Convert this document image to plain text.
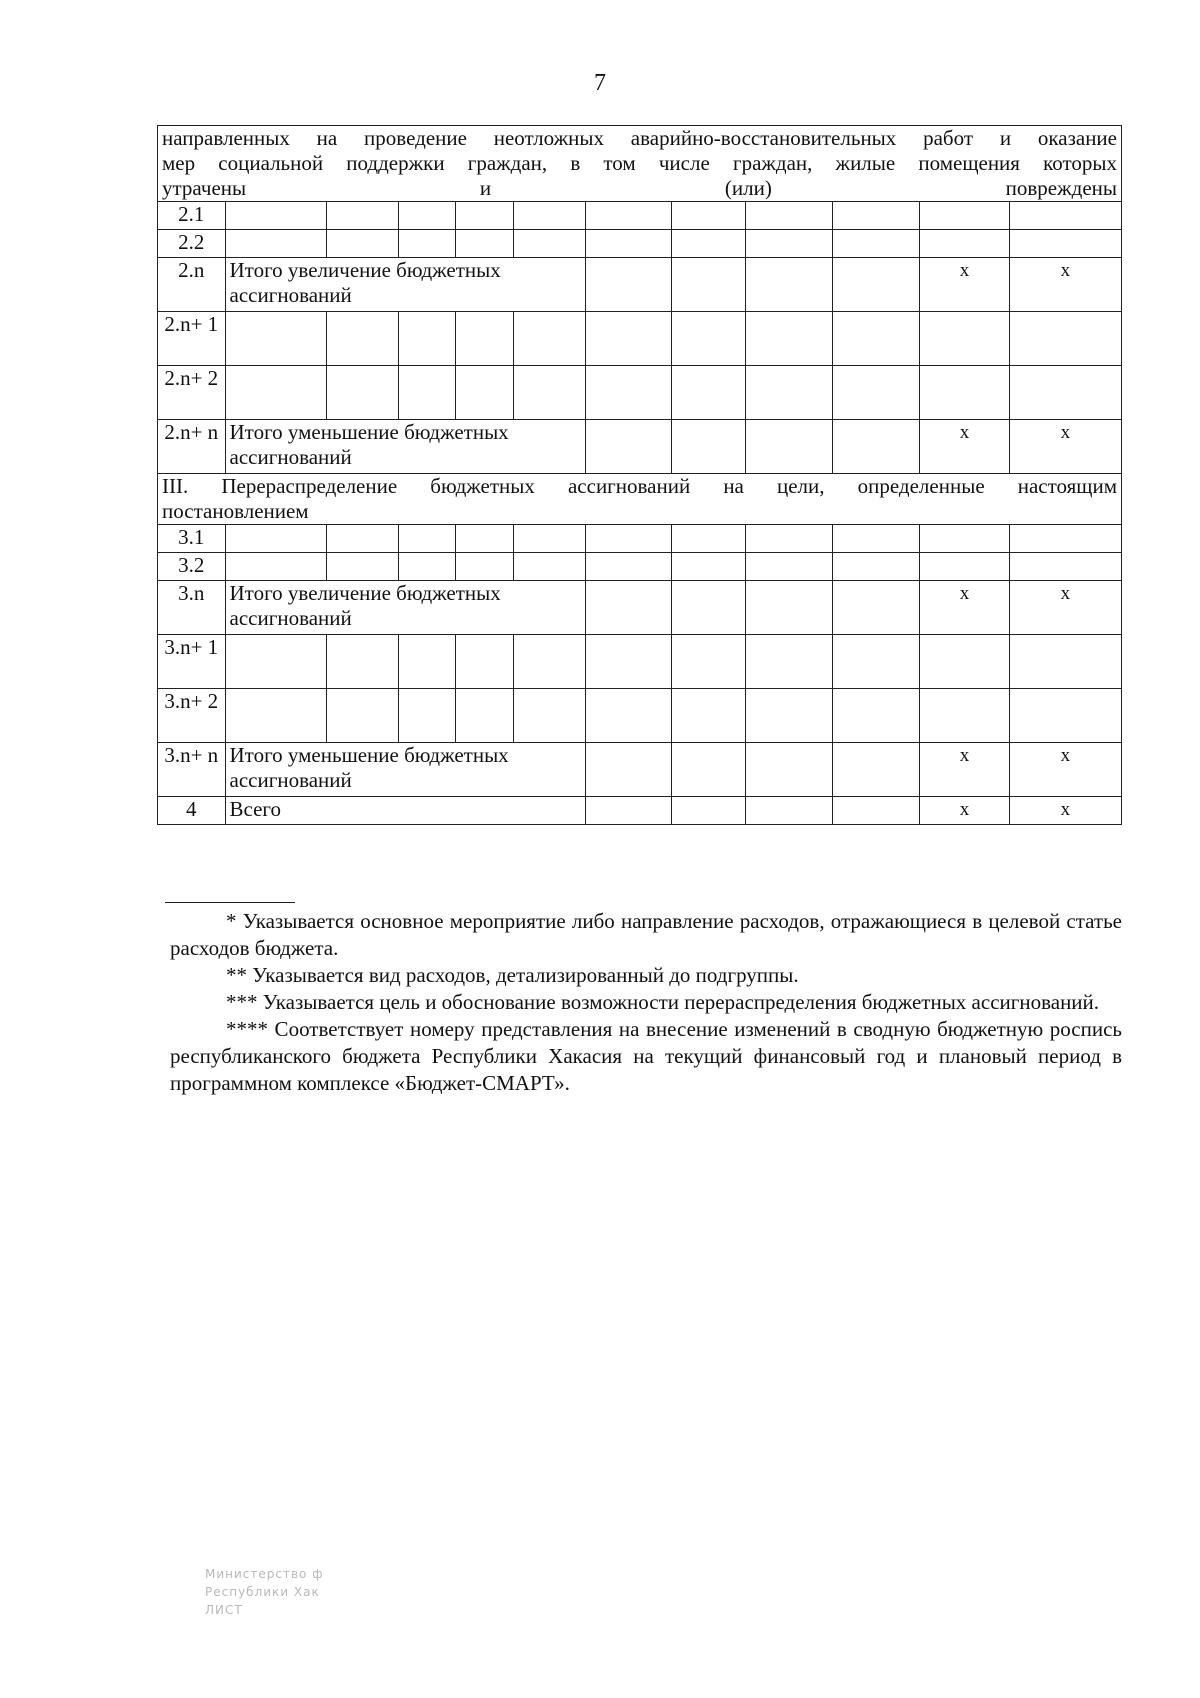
7
направленных на проведение неотложных аварийно-восстановительных работ и оказание
мер социальной поддержки граждан, в том числе граждан, жилые помещения которых
утрачены и (или) повреждены											

2.1											
2.2											
2.n	Итого увеличение бюджетных ассигнований									x	x
2.n+ 1											
2.n+ 2											
2.n+ n	Итого уменьшение бюджетных ассигнований									x	x

III. Перераспределение бюджетных ассигнований на цели, определенные настоящим
постановлением											

3.1											
3.2											
3.n	Итого увеличение бюджетных ассигнований									x	x
3.n+ 1											
3.n+ 2											
3.n+ n	Итого уменьшение бюджетных ассигнований									x	x
4	Всего									x	x

* Указывается основное мероприятие либо направление расходов, отражающиеся в целевой статье расходов бюджета.

** Указывается вид расходов, детализированный до подгруппы.

*** Указывается цель и обоснование возможности перераспределения бюджетных ассигнований.

**** Соответствует номеру представления на внесение изменений в сводную бюджетную роспись республиканского бюджета Республики Хакасия на текущий финансовый год и плановый период в программном комплексе «Бюджет-СМАРТ».

Министерство ф
Республики Хак
ЛИСТ
